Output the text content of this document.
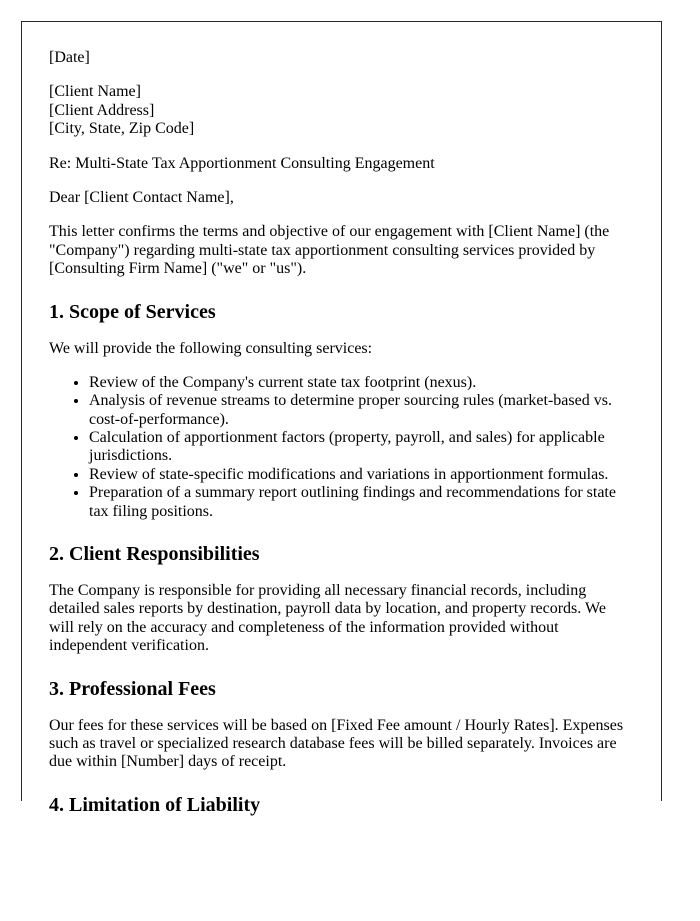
[Date]

[Client Name]
[Client Address]
[City, State, Zip Code]

Re: Multi-State Tax Apportionment Consulting Engagement

Dear [Client Contact Name],

This letter confirms the terms and objective of our engagement with [Client Name] (the "Company") regarding multi-state tax apportionment consulting services provided by [Consulting Firm Name] ("we" or "us").

1. Scope of Services

We will provide the following consulting services:

• Review of the Company's current state tax footprint (nexus).
• Analysis of revenue streams to determine proper sourcing rules (market-based vs. cost-of-performance).
• Calculation of apportionment factors (property, payroll, and sales) for applicable jurisdictions.
• Review of state-specific modifications and variations in apportionment formulas.
• Preparation of a summary report outlining findings and recommendations for state tax filing positions.
2. Client Responsibilities

The Company is responsible for providing all necessary financial records, including detailed sales reports by destination, payroll data by location, and property records. We will rely on the accuracy and completeness of the information provided without independent verification.

3. Professional Fees

Our fees for these services will be based on [Fixed Fee amount / Hourly Rates]. Expenses such as travel or specialized research database fees will be billed separately. Invoices are due within [Number] days of receipt.

4. Limitation of Liability
